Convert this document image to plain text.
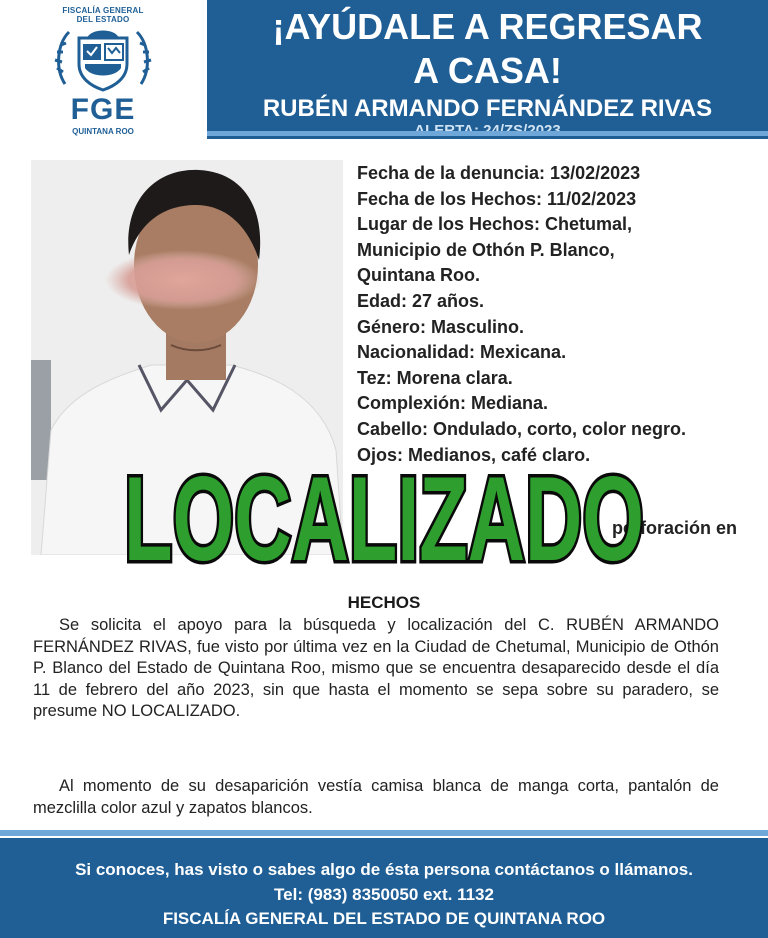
FISCALÍA GENERAL
DEL ESTADO
FGE
QUINTANA ROO
¡AYÚDALE A REGRESAR
A CASA!
RUBÉN ARMANDO FERNÁNDEZ RIVAS
Fecha de la denuncia: 13/02/2023
Fecha de los Hechos: 11/02/2023
Lugar de los Hechos: Chetumal,
Municipio de Othón P. Blanco,
Quintana Roo.
Edad: 27 años.
Género: Masculino.
Nacionalidad: Mexicana.
Tez: Morena clara.
Complexión: Mediana.
Cabello: Ondulado, corto, color negro.
Ojos: Medianos, café claro.
perforación en
LOCALIZADO
HECHOS
Se solicita el apoyo para la búsqueda y localización del C. RUBÉN ARMANDO FERNÁNDEZ RIVAS, fue visto por última vez en la Ciudad de Chetumal, Municipio de Othón P. Blanco del Estado de Quintana Roo, mismo que se encuentra desaparecido desde el día 11 de febrero del año 2023, sin que hasta el momento se sepa sobre su paradero, se presume NO LOCALIZADO.
Al momento de su desaparición vestía camisa blanca de manga corta, pantalón de mezclilla color azul y zapatos blancos.
Si conoces, has visto o sabes algo de ésta persona contáctanos o llámanos.
Tel: (983) 8350050 ext. 1132
FISCALÍA GENERAL DEL ESTADO DE QUINTANA ROO
